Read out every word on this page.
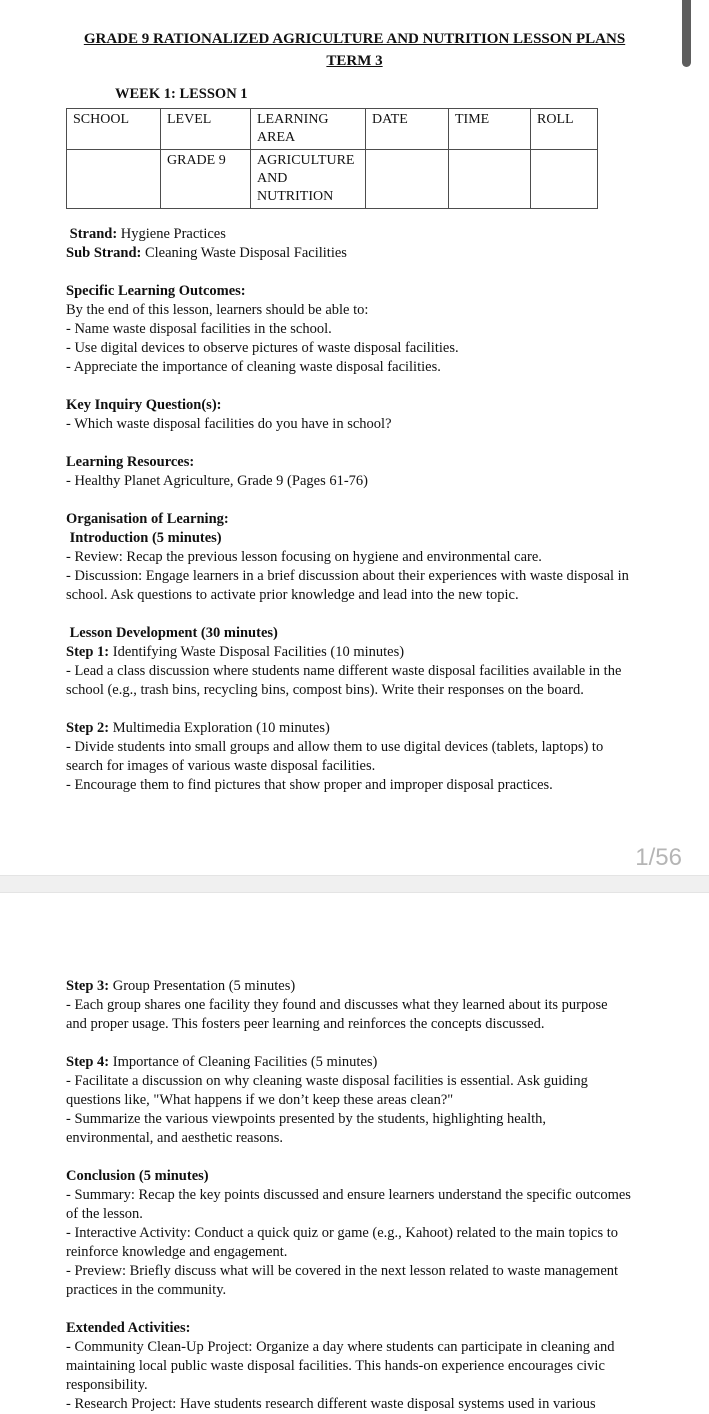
GRADE 9 RATIONALIZED AGRICULTURE AND NUTRITION LESSON PLANS
TERM 3
WEEK 1: LESSON 1
SCHOOL	LEVEL	LEARNING AREA	DATE	TIME	ROLL
	GRADE 9	AGRICULTURE AND NUTRITION			
Strand: Hygiene Practices
Sub Strand: Cleaning Waste Disposal Facilities
Specific Learning Outcomes:
By the end of this lesson, learners should be able to:
- Name waste disposal facilities in the school.
- Use digital devices to observe pictures of waste disposal facilities.
- Appreciate the importance of cleaning waste disposal facilities.
Key Inquiry Question(s):
- Which waste disposal facilities do you have in school?
Learning Resources:
- Healthy Planet Agriculture, Grade 9 (Pages 61-76)
Organisation of Learning:
Introduction (5 minutes)
- Review: Recap the previous lesson focusing on hygiene and environmental care.
- Discussion: Engage learners in a brief discussion about their experiences with waste disposal in
school. Ask questions to activate prior knowledge and lead into the new topic.
Lesson Development (30 minutes)
Step 1: Identifying Waste Disposal Facilities (10 minutes)
- Lead a class discussion where students name different waste disposal facilities available in the
school (e.g., trash bins, recycling bins, compost bins). Write their responses on the board.
Step 2: Multimedia Exploration (10 minutes)
- Divide students into small groups and allow them to use digital devices (tablets, laptops) to
search for images of various waste disposal facilities.
- Encourage them to find pictures that show proper and improper disposal practices.
1/56
Step 3: Group Presentation (5 minutes)
- Each group shares one facility they found and discusses what they learned about its purpose
and proper usage. This fosters peer learning and reinforces the concepts discussed.
Step 4: Importance of Cleaning Facilities (5 minutes)
- Facilitate a discussion on why cleaning waste disposal facilities is essential. Ask guiding
questions like, "What happens if we don’t keep these areas clean?"
- Summarize the various viewpoints presented by the students, highlighting health,
environmental, and aesthetic reasons.
Conclusion (5 minutes)
- Summary: Recap the key points discussed and ensure learners understand the specific outcomes
of the lesson.
- Interactive Activity: Conduct a quick quiz or game (e.g., Kahoot) related to the main topics to
reinforce knowledge and engagement.
- Preview: Briefly discuss what will be covered in the next lesson related to waste management
practices in the community.
Extended Activities:
- Community Clean-Up Project: Organize a day where students can participate in cleaning and
maintaining local public waste disposal facilities. This hands-on experience encourages civic
responsibility.
- Research Project: Have students research different waste disposal systems used in various
